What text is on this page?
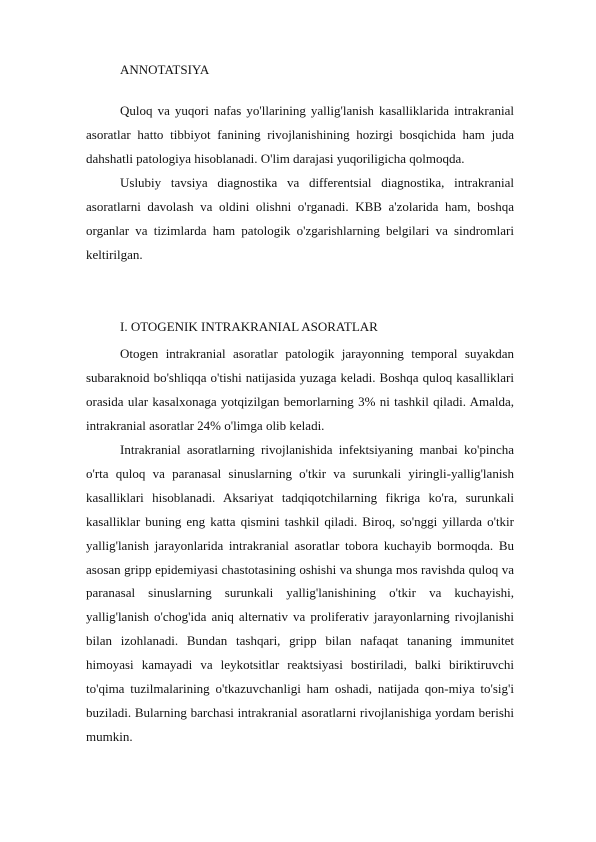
ANNOTATSIYA

Quloq va yuqori nafas yo'llarining yallig'lanish kasalliklarida intrakranial asoratlar hatto tibbiyot fanining rivojlanishining hozirgi bosqichida ham juda dahshatli patologiya hisoblanadi. O'lim darajasi yuqoriligicha qolmoqda.

Uslubiy tavsiya diagnostika va differentsial diagnostika, intrakranial asoratlarni davolash va oldini olishni o'rganadi. KBB a'zolarida ham, boshqa organlar va tizimlarda ham patologik o'zgarishlarning belgilari va sindromlari keltirilgan.

I. OTOGENIK INTRAKRANIAL ASORATLAR

Otogen intrakranial asoratlar patologik jarayonning temporal suyakdan subaraknoid bo'shliqqa o'tishi natijasida yuzaga keladi. Boshqa quloq kasalliklari orasida ular kasalxonaga yotqizilgan bemorlarning 3% ni tashkil qiladi. Amalda, intrakranial asoratlar 24% o'limga olib keladi.

Intrakranial asoratlarning rivojlanishida infektsiyaning manbai ko'pincha o'rta quloq va paranasal sinuslarning o'tkir va surunkali yiringli-yallig'lanish kasalliklari hisoblanadi. Aksariyat tadqiqotchilarning fikriga ko'ra, surunkali kasalliklar buning eng katta qismini tashkil qiladi. Biroq, so'nggi yillarda o'tkir yallig'lanish jarayonlarida intrakranial asoratlar tobora kuchayib bormoqda. Bu asosan gripp epidemiyasi chastotasining oshishi va shunga mos ravishda quloq va paranasal sinuslarning surunkali yallig'lanishining o'tkir va kuchayishi, yallig'lanish o'chog'ida aniq alternativ va proliferativ jarayonlarning rivojlanishi bilan izohlanadi. Bundan tashqari, gripp bilan nafaqat tananing immunitet himoyasi kamayadi va leykotsitlar reaktsiyasi bostiriladi, balki biriktiruvchi to'qima tuzilmalarining o'tkazuvchanligi ham oshadi, natijada qon-miya to'sig'i buziladi. Bularning barchasi intrakranial asoratlarni rivojlanishiga yordam berishi mumkin.
